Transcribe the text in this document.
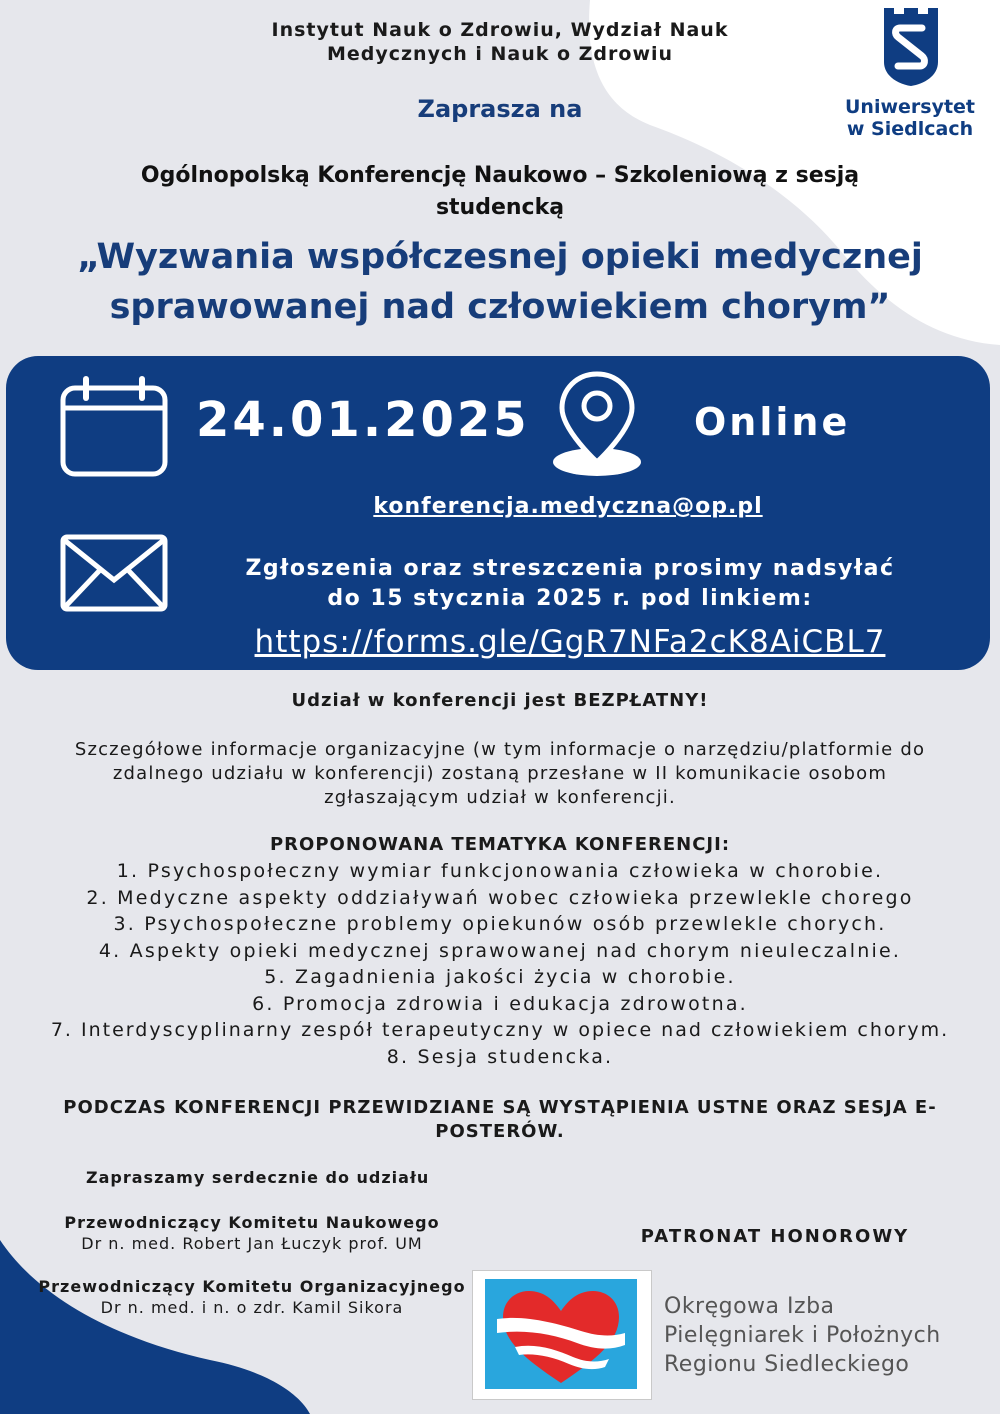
Instytut Nauk o Zdrowiu, Wydział Nauk
Medycznych i Nauk o Zdrowiu
Uniwersytet
w Siedlcach
Zaprasza na
Ogólnopolską Konferencję Naukowo – Szkoleniową z sesją
studencką
„Wyzwania współczesnej opieki medycznej
sprawowanej nad człowiekiem chorym”
24.01.2025	Online
konferencja.medyczna@op.pl
Zgłoszenia oraz streszczenia prosimy nadsyłać
do 15 stycznia 2025 r. pod linkiem:
https://forms.gle/GgR7NFa2cK8AiCBL7
Udział w konferencji jest BEZPŁATNY!
Szczegółowe informacje organizacyjne (w tym informacje o narzędziu/platformie do
zdalnego udziału w konferencji) zostaną przesłane w II komunikacie osobom
zgłaszającym udział w konferencji.
PROPONOWANA TEMATYKA KONFERENCJI:
1. Psychospołeczny wymiar funkcjonowania człowieka w chorobie.
2. Medyczne aspekty oddziaływań wobec człowieka przewlekle chorego
3. Psychospołeczne problemy opiekunów osób przewlekle chorych.
4. Aspekty opieki medycznej sprawowanej nad chorym nieuleczalnie.
5. Zagadnienia jakości życia w chorobie.
6. Promocja zdrowia i edukacja zdrowotna.
7. Interdyscyplinarny zespół terapeutyczny w opiece nad człowiekiem chorym.
8. Sesja studencka.
PODCZAS KONFERENCJI PRZEWIDZIANE SĄ WYSTĄPIENIA USTNE ORAZ SESJA E-
POSTERÓW.
Zapraszamy serdecznie do udziału
Przewodniczący Komitetu Naukowego
Dr n. med. Robert Jan Łuczyk prof. UM
Przewodniczący Komitetu Organizacyjnego
Dr n. med. i n. o zdr. Kamil Sikora
PATRONAT HONOROWY
Okręgowa Izba
Pielęgniarek i Położnych
Regionu Siedleckiego
